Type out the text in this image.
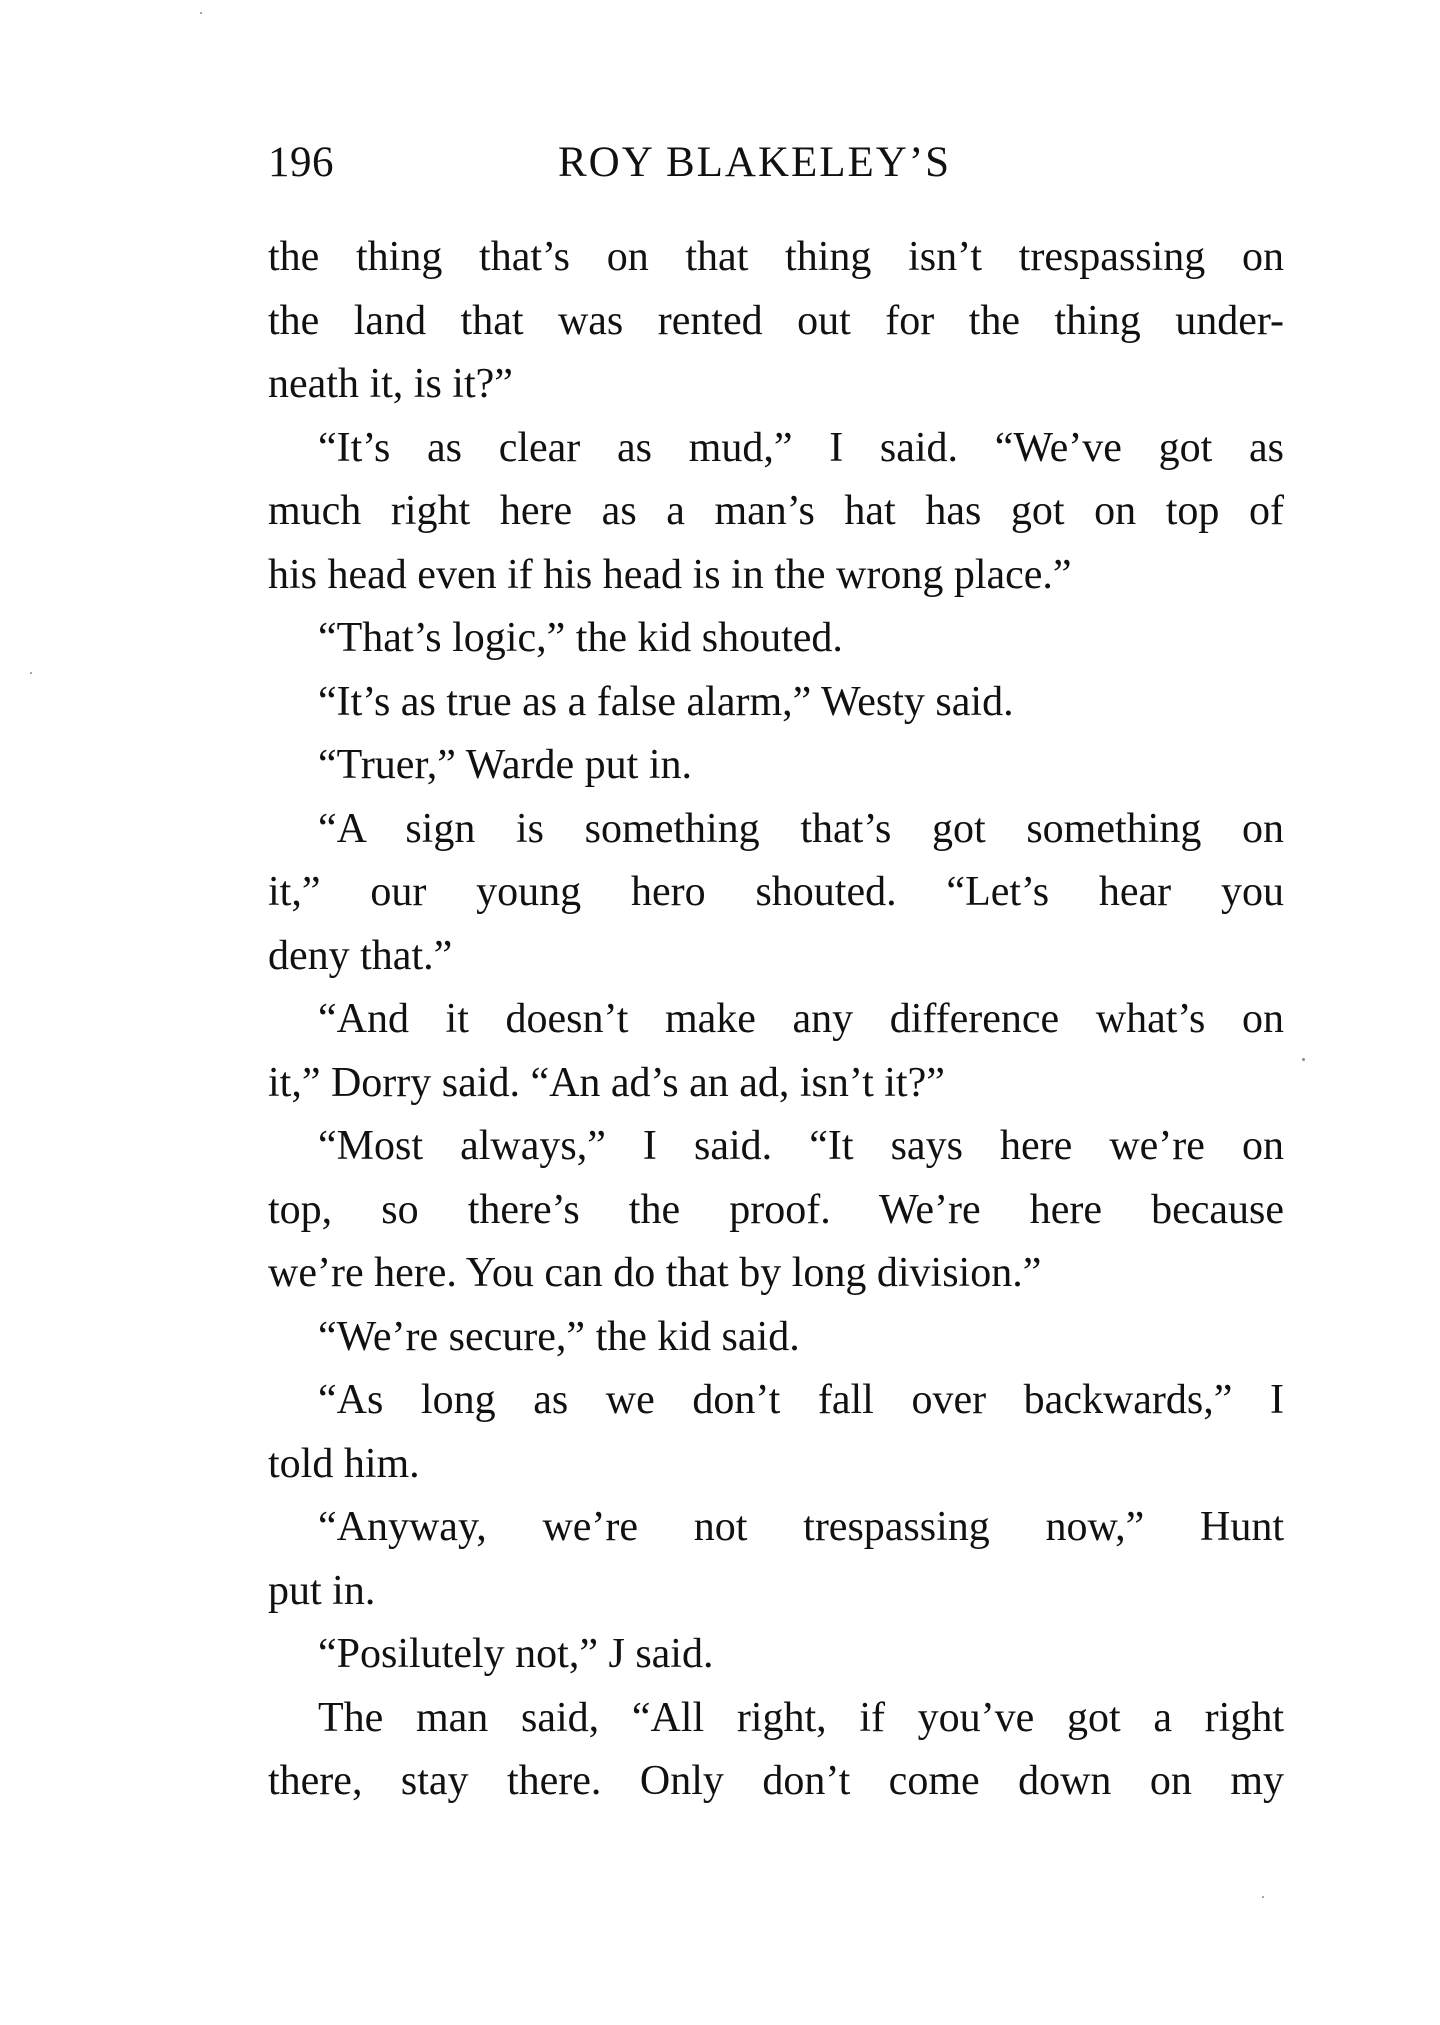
196	ROY BLAKELEY’S
the thing that’s on that thing isn’t trespassing on
the land that was rented out for the thing under-
neath it, is it?”
“It’s as clear as mud,” I said. “We’ve got as
much right here as a man’s hat has got on top of
his head even if his head is in the wrong place.”
“That’s logic,” the kid shouted.
“It’s as true as a false alarm,” Westy said.
“Truer,” Warde put in.
“A sign is something that’s got something on
it,” our young hero shouted. “Let’s hear you
deny that.”
“And it doesn’t make any difference what’s on
it,” Dorry said. “An ad’s an ad, isn’t it?”
“Most always,” I said. “It says here we’re on
top, so there’s the proof. We’re here because
we’re here. You can do that by long division.”
“We’re secure,” the kid said.
“As long as we don’t fall over backwards,” I
told him.
“Anyway, we’re not trespassing now,” Hunt
put in.
“Posilutely not,” J said.
The man said, “All right, if you’ve got a right
there, stay there. Only don’t come down on my
